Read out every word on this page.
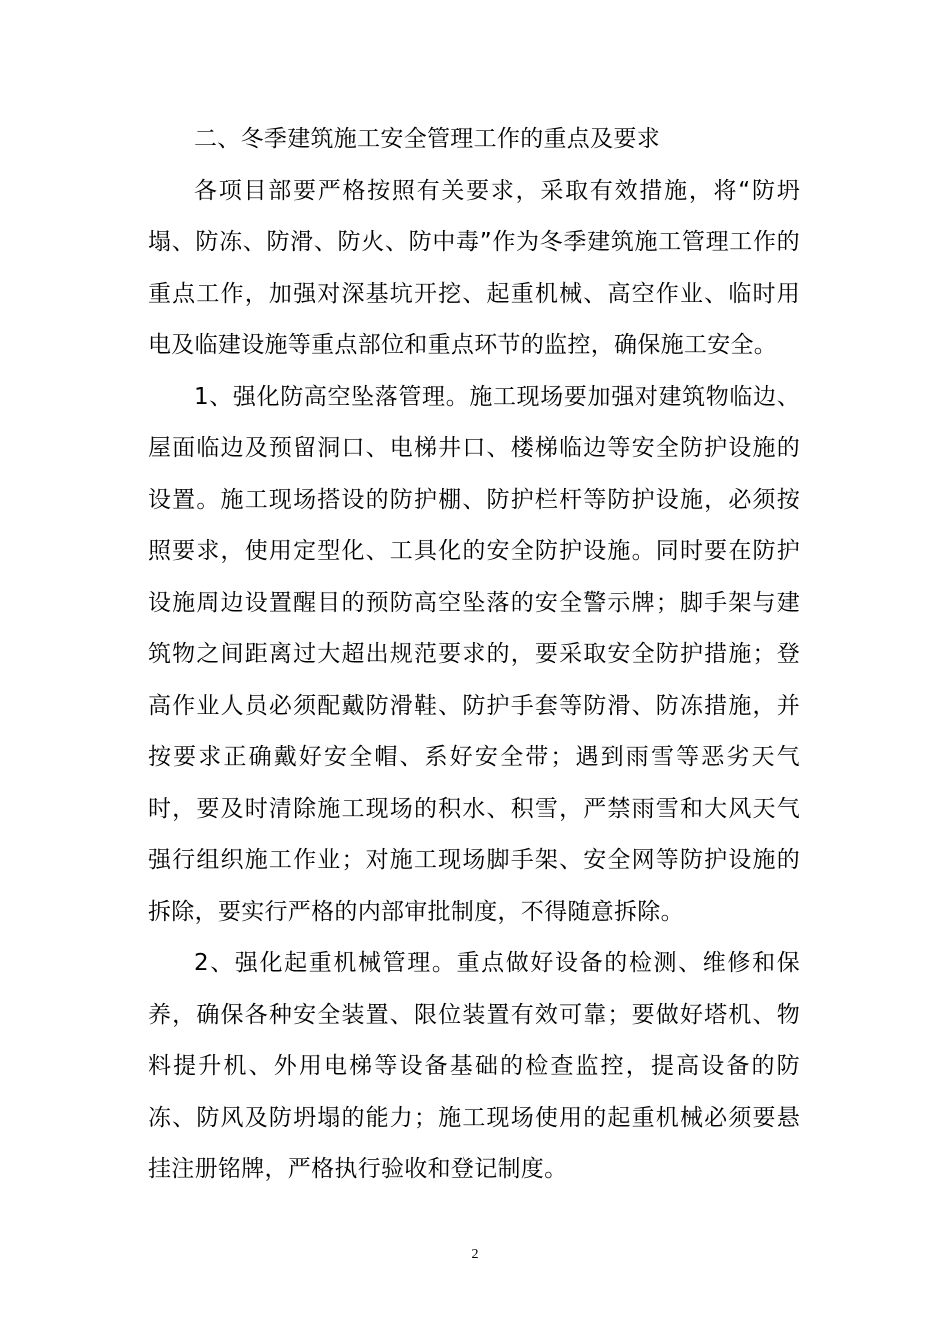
二、冬季建筑施工安全管理工作的重点及要求

各项目部要严格按照有关要求，采取有效措施，将“防坍塌、防冻、防滑、防火、防中毒”作为冬季建筑施工管理工作的重点工作，加强对深基坑开挖、起重机械、高空作业、临时用电及临建设施等重点部位和重点环节的监控，确保施工安全。

1、强化防高空坠落管理。施工现场要加强对建筑物临边、屋面临边及预留洞口、电梯井口、楼梯临边等安全防护设施的设置。施工现场搭设的防护棚、防护栏杆等防护设施，必须按照要求，使用定型化、工具化的安全防护设施。同时要在防护设施周边设置醒目的预防高空坠落的安全警示牌；脚手架与建筑物之间距离过大超出规范要求的，要采取安全防护措施；登高作业人员必须配戴防滑鞋、防护手套等防滑、防冻措施，并按要求正确戴好安全帽、系好安全带；遇到雨雪等恶劣天气时，要及时清除施工现场的积水、积雪，严禁雨雪和大风天气强行组织施工作业；对施工现场脚手架、安全网等防护设施的拆除，要实行严格的内部审批制度，不得随意拆除。

2、强化起重机械管理。重点做好设备的检测、维修和保养，确保各种安全装置、限位装置有效可靠；要做好塔机、物料提升机、外用电梯等设备基础的检查监控，提高设备的防冻、防风及防坍塌的能力；施工现场使用的起重机械必须要悬挂注册铭牌，严格执行验收和登记制度。

2
